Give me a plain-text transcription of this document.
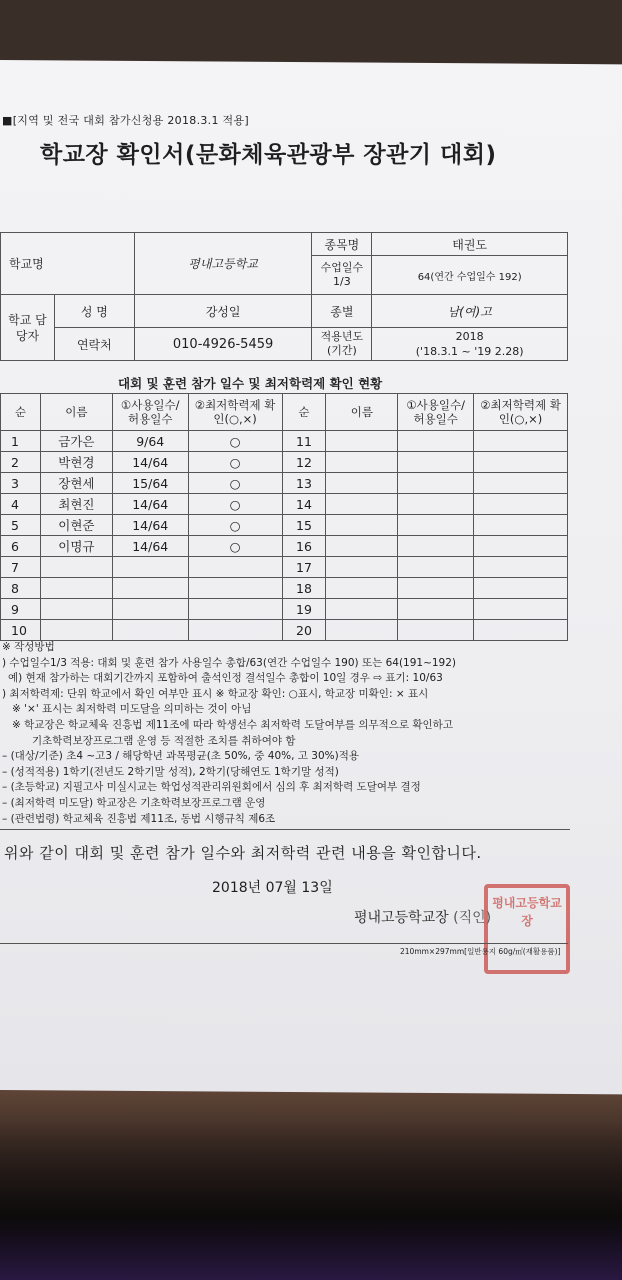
■[지역 및 전국 대회 참가신청용 2018.3.1 적용]
학교장 확인서(문화체육관광부 장관기 대회)
학교명		평내고등학교	종목명	태권도
			수업일수 1/3	64(연간 수업일수 192)
학교 담당자	성 명	강성일	종별	남(여)고
	연락처	010-4926-5459	적용년도 (기간)	2018
('18.3.1 ~ '19 2.28)
대회 및 훈련 참가 일수 및 최저학력제 확인 현황
순	이름	①사용일수/ 허용일수	②최저학력제 확인(○,×)	순	이름	①사용일수/ 허용일수	②최저학력제 확인(○,×)
1	금가은	9/64	○	11			
2	박현경	14/64	○	12			
3	장현세	15/64	○	13			
4	최현진	14/64	○	14			
5	이현준	14/64	○	15			
6	이명규	14/64	○	16			
7				17			
8				18			
9				19			
10				20			
※ 작성방법
) 수업일수1/3 적용: 대회 및 훈련 참가 사용일수 총합/63(연간 수업일수 190) 또는 64(191~192)
예) 현재 참가하는 대회기간까지 포함하여 출석인정 결석일수 총합이 10일 경우 ⇨ 표기: 10/63
) 최저학력제: 단위 학교에서 확인 여부만 표시 ※ 학교장 확인: ○표시, 학교장 미확인: × 표시
※ '×' 표시는 최저학력 미도달을 의미하는 것이 아님
※ 학교장은 학교체육 진흥법 제11조에 따라 학생선수 최저학력 도달여부를 의무적으로 확인하고
기초학력보장프로그램 운영 등 적절한 조치를 취하여야 함
– (대상/기준) 초4 ~고3 / 해당학년 과목평균(초 50%, 중 40%, 고 30%)적용
– (성적적용) 1학기(전년도 2학기말 성적), 2학기(당해연도 1학기말 성적)
– (초등학교) 지필고사 미실시교는 학업성적관리위원회에서 심의 후 최저학력 도달여부 결정
– (최저학력 미도달) 학교장은 기초학력보장프로그램 운영
– (관련법령) 학교체육 진흥법 제11조, 동법 시행규칙 제6조
위와 같이 대회 및 훈련 참가 일수와 최저학력 관련 내용을 확인합니다.
2018년 07월 13일
평내고등학교장 (직인)
평내고등학교장
210mm×297mm[일반용지 60g/㎡(재활용품)]
